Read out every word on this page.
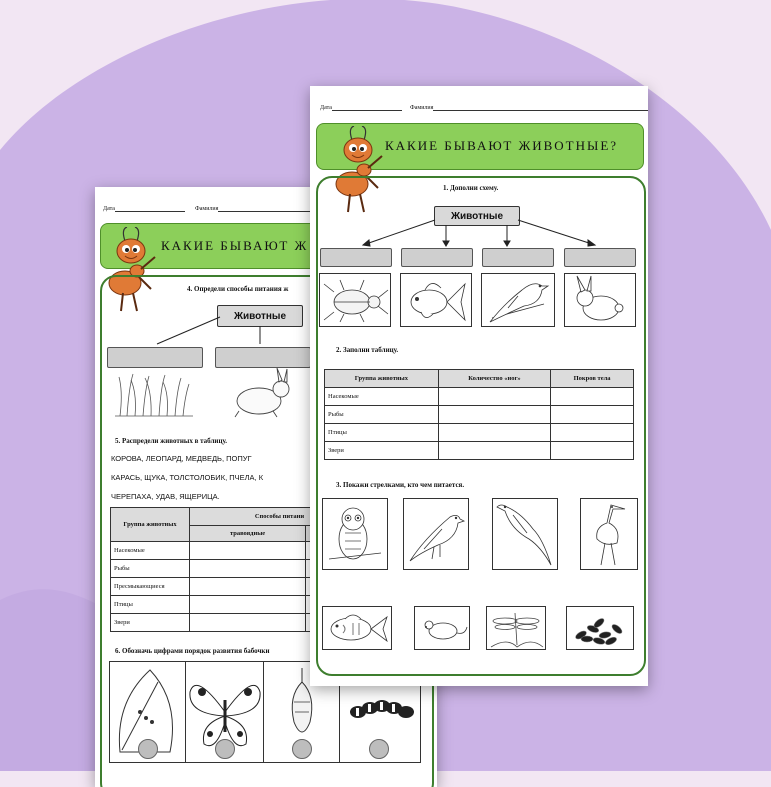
Дата	Фамилия
КАКИЕ БЫВАЮТ Ж
4. Определи способы питания ж
Животные
5. Распредели животных в таблицу.
КОРОВА, ЛЕОПАРД, МЕДВЕДЬ, ПОПУГ
КАРАСЬ, ЩУКА, ТОЛСТОЛОБИК, ПЧЕЛА, К
ЧЕРЕПАХА, УДАВ, ЯЩЕРИЦА.
Группа животных	Способы питани	
	травоядные	
Насекомые		
Рыбы		
Пресмыкающиеся		
Птицы		
Звери		
6. Обозначь цифрами порядок развития бабочки
Дата	Фамилия
КАКИЕ БЫВАЮТ ЖИВОТНЫЕ?
1. Дополни схему.
Животные
2. Заполни таблицу.
Группа животных	Количество «ног»	Покров тела
Насекомые		
Рыбы		
Птицы		
Звери		
3. Покажи стрелками, кто чем питается.
